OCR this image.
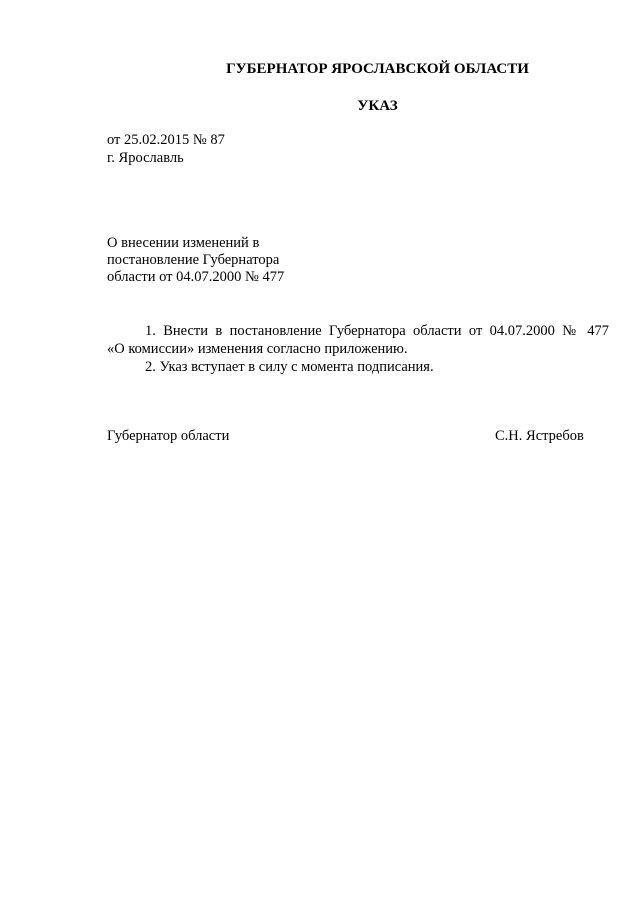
ГУБЕРНАТОР ЯРОСЛАВСКОЙ ОБЛАСТИ
УКАЗ
от 25.02.2015 № 87
г. Ярославль
О внесении изменений в
постановление Губернатора
области от 04.07.2000 № 477
1. Внести в постановление Губернатора области от 04.07.2000 № 477
«О комиссии» изменения согласно приложению.
2. Указ вступает в силу с момента подписания.
Губернатор области	С.Н. Ястребов
